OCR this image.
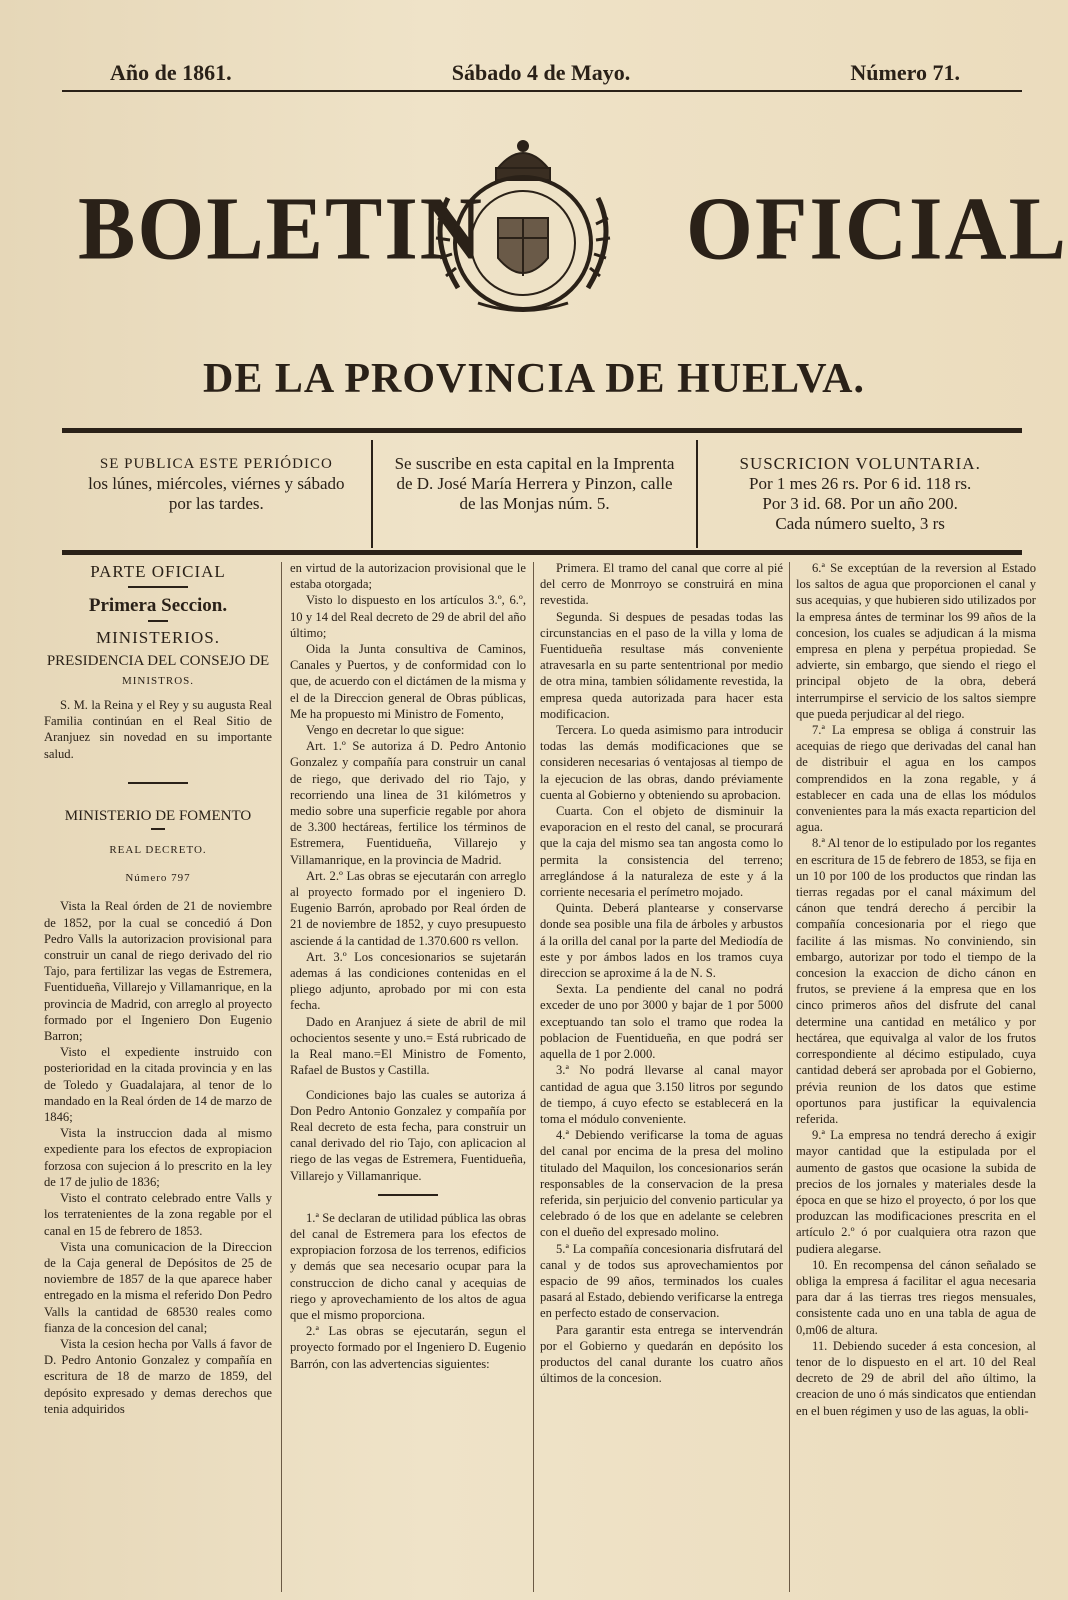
Año de 1861.	Sábado 4 de Mayo.	Número 71.
BOLETIN OFICIAL
DE LA PROVINCIA DE HUELVA.
SE PUBLICA ESTE PERIÓDICO
los lúnes, miércoles, viérnes y sábado
por las tardes.
Se suscribe en esta capital en la Imprenta
de D. José María Herrera y Pinzon, calle
de las Monjas núm. 5.
SUSCRICION VOLUNTARIA.
Por 1 mes 26 rs. Por 6 id. 118 rs.
Por 3 id. 68. Por un año 200.
Cada número suelto, 3 rs
PARTE OFICIAL
Primera Seccion.
MINISTERIOS.
PRESIDENCIA DEL CONSEJO DE
MINISTROS.

S. M. la Reina y el Rey y su augusta Real Familia continúan en el Real Sitio de Aranjuez sin novedad en su importante salud.

MINISTERIO DE FOMENTO
REAL DECRETO.
Número 797

Vista la Real órden de 21 de noviembre de 1852, por la cual se concedió á Don Pedro Valls la autorizacion provisional para construir un canal de riego derivado del rio Tajo, para fertilizar las vegas de Estremera, Fuentidueña, Villarejo y Villamanrique, en la provincia de Madrid, con arreglo al proyecto formado por el Ingeniero Don Eugenio Barron;

Visto el expediente instruido con posterioridad en la citada provincia y en las de Toledo y Guadalajara, al tenor de lo mandado en la Real órden de 14 de marzo de 1846;

Vista la instruccion dada al mismo expediente para los efectos de expropiacion forzosa con sujecion á lo prescrito en la ley de 17 de julio de 1836;

Visto el contrato celebrado entre Valls y los terratenientes de la zona regable por el canal en 15 de febrero de 1853.

Vista una comunicacion de la Direccion de la Caja general de Depósitos de 25 de noviembre de 1857 de la que aparece haber entregado en la misma el referido Don Pedro Valls la cantidad de 68530 reales como fianza de la concesion del canal;

Vista la cesion hecha por Valls á favor de D. Pedro Antonio Gonzalez y compañía en escritura de 18 de marzo de 1859, del depósito expresado y demas derechos que tenia adquiridos

en virtud de la autorizacion provisional que le estaba otorgada;

Visto lo dispuesto en los artículos 3.º, 6.º, 10 y 14 del Real decreto de 29 de abril del año último;

Oida la Junta consultiva de Caminos, Canales y Puertos, y de conformidad con lo que, de acuerdo con el dictámen de la misma y el de la Direccion general de Obras públicas, Me ha propuesto mi Ministro de Fomento,

Vengo en decretar lo que sigue:

Art. 1.º Se autoriza á D. Pedro Antonio Gonzalez y compañía para construir un canal de riego, que derivado del rio Tajo, y recorriendo una linea de 31 kilómetros y medio sobre una superficie regable por ahora de 3.300 hectáreas, fertilice los términos de Estremera, Fuentidueña, Villarejo y Villamanrique, en la provincia de Madrid.

Art. 2.º Las obras se ejecutarán con arreglo al proyecto formado por el ingeniero D. Eugenio Barrón, aprobado por Real órden de 21 de noviembre de 1852, y cuyo presupuesto asciende á la cantidad de 1.370.600 rs vellon.

Art. 3.º Los concesionarios se sujetarán ademas á las condiciones contenidas en el pliego adjunto, aprobado por mi con esta fecha.

Dado en Aranjuez á siete de abril de mil ochocientos sesente y uno.= Está rubricado de la Real mano.=El Ministro de Fomento, Rafael de Bustos y Castilla.

Condiciones bajo las cuales se autoriza á Don Pedro Antonio Gonzalez y compañía por Real decreto de esta fecha, para construir un canal derivado del rio Tajo, con aplicacion al riego de las vegas de Estremera, Fuentidueña, Villarejo y Villamanrique.

1.ª Se declaran de utilidad pública las obras del canal de Estremera para los efectos de expropiacion forzosa de los terrenos, edificios y demás que sea necesario ocupar para la construccion de dicho canal y acequias de riego y aprovechamiento de los altos de agua que el mismo proporciona.

2.ª Las obras se ejecutarán, segun el proyecto formado por el Ingeniero D. Eugenio Barrón, con las advertencias siguientes:

Primera. El tramo del canal que corre al pié del cerro de Monrroyo se construirá en mina revestida.

Segunda. Si despues de pesadas todas las circunstancias en el paso de la villa y loma de Fuentidueña resultase más conveniente atravesarla en su parte sententrional por medio de otra mina, tambien sólidamente revestida, la empresa queda autorizada para hacer esta modificacion.

Tercera. Lo queda asimismo para introducir todas las demás modificaciones que se consideren necesarias ó ventajosas al tiempo de la ejecucion de las obras, dando préviamente cuenta al Gobierno y obteniendo su aprobacion.

Cuarta. Con el objeto de disminuir la evaporacion en el resto del canal, se procurará que la caja del mismo sea tan angosta como lo permita la consistencia del terreno; arreglándose á la naturaleza de este y á la corriente necesaria el perímetro mojado.

Quinta. Deberá plantearse y conservarse donde sea posible una fila de árboles y arbustos á la orilla del canal por la parte del Mediodía de este y por ámbos lados en los tramos cuya direccion se aproxime á la de N. S.

Sexta. La pendiente del canal no podrá exceder de uno por 3000 y bajar de 1 por 5000 exceptuando tan solo el tramo que rodea la poblacion de Fuentidueña, en que podrá ser aquella de 1 por 2.000.

3.ª No podrá llevarse al canal mayor cantidad de agua que 3.150 litros por segundo de tiempo, á cuyo efecto se establecerá en la toma el módulo conveniente.

4.ª Debiendo verificarse la toma de aguas del canal por encima de la presa del molino titulado del Maquilon, los concesionarios serán responsables de la conservacion de la presa referida, sin perjuicio del convenio particular ya celebrado ó de los que en adelante se celebren con el dueño del expresado molino.

5.ª La compañía concesionaria disfrutará del canal y de todos sus aprovechamientos por espacio de 99 años, terminados los cuales pasará al Estado, debiendo verificarse la entrega en perfecto estado de conservacion.

Para garantir esta entrega se intervendrán por el Gobierno y quedarán en depósito los productos del canal durante los cuatro años últimos de la concesion.

6.ª Se exceptúan de la reversion al Estado los saltos de agua que proporcionen el canal y sus acequias, y que hubieren sido utilizados por la empresa ántes de terminar los 99 años de la concesion, los cuales se adjudican á la misma empresa en plena y perpétua propiedad. Se advierte, sin embargo, que siendo el riego el principal objeto de la obra, deberá interrumpirse el servicio de los saltos siempre que pueda perjudicar al del riego.

7.ª La empresa se obliga á construir las acequias de riego que derivadas del canal han de distribuir el agua en los campos comprendidos en la zona regable, y á establecer en cada una de ellas los módulos convenientes para la más exacta reparticion del agua.

8.ª Al tenor de lo estipulado por los regantes en escritura de 15 de febrero de 1853, se fija en un 10 por 100 de los productos que rindan las tierras regadas por el canal máximum del cánon que tendrá derecho á percibir la compañía concesionaria por el riego que facilite á las mismas. No conviniendo, sin embargo, autorizar por todo el tiempo de la concesion la exaccion de dicho cánon en frutos, se previene á la empresa que en los cinco primeros años del disfrute del canal determine una cantidad en metálico y por hectárea, que equivalga al valor de los frutos correspondiente al décimo estipulado, cuya cantidad deberá ser aprobada por el Gobierno, prévia reunion de los datos que estime oportunos para justificar la equivalencia referida.

9.ª La empresa no tendrá derecho á exigir mayor cantidad que la estipulada por el aumento de gastos que ocasione la subida de precios de los jornales y materiales desde la época en que se hizo el proyecto, ó por los que produzcan las modificaciones prescrita en el artículo 2.º ó por cualquiera otra razon que pudiera alegarse.

10. En recompensa del cánon señalado se obliga la empresa á facilitar el agua necesaria para dar á las tierras tres riegos mensuales, consistente cada uno en una tabla de agua de 0,m06 de altura.

11. Debiendo suceder á esta concesion, al tenor de lo dispuesto en el art. 10 del Real decreto de 29 de abril del año último, la creacion de uno ó más sindicatos que entiendan en el buen régimen y uso de las aguas, la obli-
